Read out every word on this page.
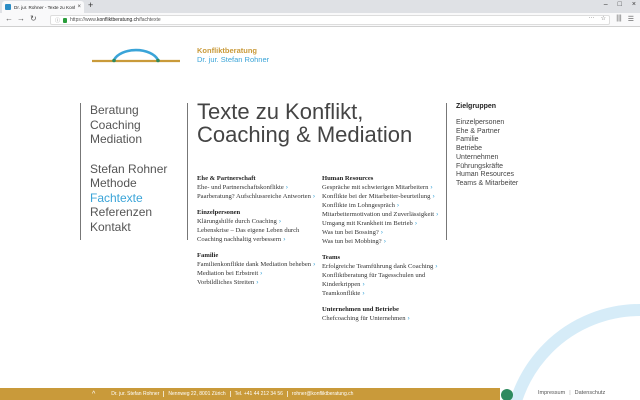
Dr. jur. Rohner - Texte zu Konf × +	– □ ×
← → ↻	ⓘ https://www.konfliktberatung.ch/fachtexte	··· ☆ ||| ☰
Konfliktberatung
Dr. jur. Stefan Rohner
Beratung
Coaching
Mediation
Stefan Rohner
Methode
Fachtexte
Referenzen
Kontakt
Texte zu Konflikt,
Coaching & Mediation
Ehe & Partnerschaft
Ehe- und Partnerschaftskonflikte ›
Paarberatung? Aufschlussreiche Antworten ›
Einzelpersonen
Klärungshilfe durch Coaching ›
Lebenskrise – Das eigene Leben durch Coaching nachhaltig verbessern ›
Familie
Familienkonflikte dank Mediation beheben ›
Mediation bei Erbstreit ›
Vorbildliches Streiten ›
Human Resources
Gespräche mit schwierigen Mitarbeitern ›
Konflikte bei der Mitarbeiter-beurteilung ›
Konflikte im Lohngespräch ›
Mitarbeitermotivation und Zuverlässigkeit ›
Umgang mit Krankheit im Betrieb ›
Was tun bei Bossing? ›
Was tun bei Mobbing? ›
Teams
Erfolgreiche Teamführung dank Coaching ›
Konfliktberatung für Tagesschulen und Kinderkrippen ›
Teamkonflikte ›
Unternehmen und Betriebe
Chefcoaching für Unternehmen ›
Zielgruppen
Einzelpersonen
Ehe & Partner
Familie
Betriebe
Unternehmen
Führungskräfte
Human Resources
Teams & Mitarbeiter
^	Dr. jur. Stefan Rohner	Nennweg 22, 8001 Zürich	Tel. +41 44 212 34 56	rohner@konfliktberatung.ch	Impressum | Datenschutz
